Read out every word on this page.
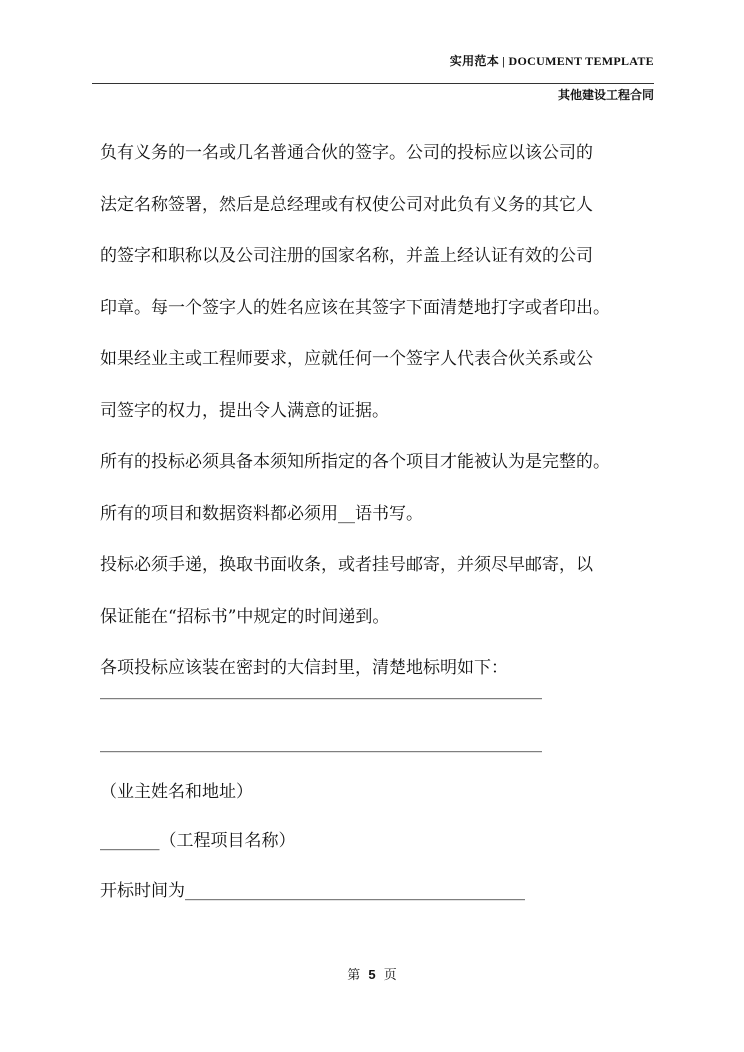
实用范本 | DOCUMENT TEMPLATE
其他建设工程合同
负有义务的一名或几名普通合伙的签字。公司的投标应以该公司的
法定名称签署，然后是总经理或有权使公司对此负有义务的其它人
的签字和职称以及公司注册的国家名称，并盖上经认证有效的公司
印章。每一个签字人的姓名应该在其签字下面清楚地打字或者印出。
如果经业主或工程师要求，应就任何一个签字人代表合伙关系或公
司签字的权力，提出令人满意的证据。
所有的投标必须具备本须知所指定的各个项目才能被认为是完整的。
所有的项目和数据资料都必须用__语书写。
投标必须手递，换取书面收条，或者挂号邮寄，并须尽早邮寄，以
保证能在“招标书”中规定的时间递到。
各项投标应该装在密封的大信封里，清楚地标明如下：
____________________________________________________
____________________________________________________
（业主姓名和地址）
_______（工程项目名称）
开标时间为________________________________________
第 5 页
